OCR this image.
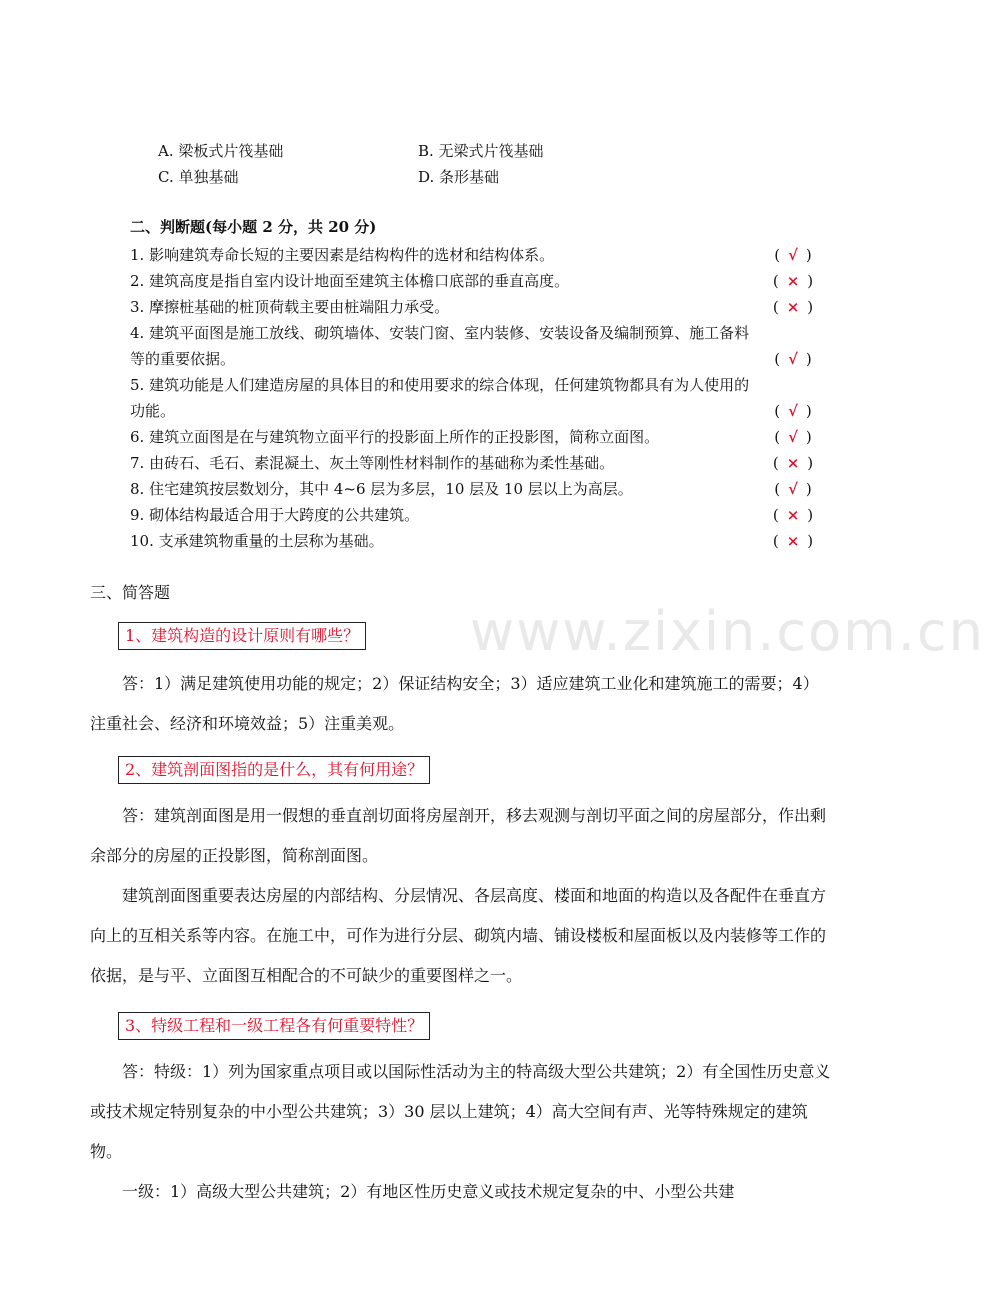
www.zixin.com.cn
A. 梁板式片筏基础	B. 无梁式片筏基础
C. 单独基础	D. 条形基础
二、判断题(每小题 2 分，共 20 分)
1. 影响建筑寿命长短的主要因素是结构构件的选材和结构体系。	( √ )
2. 建筑高度是指自室内设计地面至建筑主体檐口底部的垂直高度。	( × )
3. 摩擦桩基础的桩顶荷载主要由桩端阻力承受。	( × )
4. 建筑平面图是施工放线、砌筑墙体、安装门窗、室内装修、安装设备及编制预算、施工备料等的重要依据。	( √ )
5. 建筑功能是人们建造房屋的具体目的和使用要求的综合体现，任何建筑物都具有为人使用的功能。	( √ )
6. 建筑立面图是在与建筑物立面平行的投影面上所作的正投影图，简称立面图。	( √ )
7. 由砖石、毛石、素混凝土、灰土等刚性材料制作的基础称为柔性基础。	( × )
8. 住宅建筑按层数划分，其中 4~6 层为多层，10 层及 10 层以上为高层。	( √ )
9. 砌体结构最适合用于大跨度的公共建筑。	( × )
10. 支承建筑物重量的土层称为基础。	( × )
三、简答题
1、建筑构造的设计原则有哪些？

答：1）满足建筑使用功能的规定；2）保证结构安全；3）适应建筑工业化和建筑施工的需要；4）注重社会、经济和环境效益；5）注重美观。

2、建筑剖面图指的是什么，其有何用途？

答：建筑剖面图是用一假想的垂直剖切面将房屋剖开，移去观测与剖切平面之间的房屋部分，作出剩余部分的房屋的正投影图，简称剖面图。

建筑剖面图重要表达房屋的内部结构、分层情况、各层高度、楼面和地面的构造以及各配件在垂直方向上的互相关系等内容。在施工中，可作为进行分层、砌筑内墙、铺设楼板和屋面板以及内装修等工作的依据，是与平、立面图互相配合的不可缺少的重要图样之一。

3、特级工程和一级工程各有何重要特性？

答：特级：1）列为国家重点项目或以国际性活动为主的特高级大型公共建筑；2）有全国性历史意义或技术规定特别复杂的中小型公共建筑；3）30 层以上建筑；4）高大空间有声、光等特殊规定的建筑物。

一级：1）高级大型公共建筑；2）有地区性历史意义或技术规定复杂的中、小型公共建
